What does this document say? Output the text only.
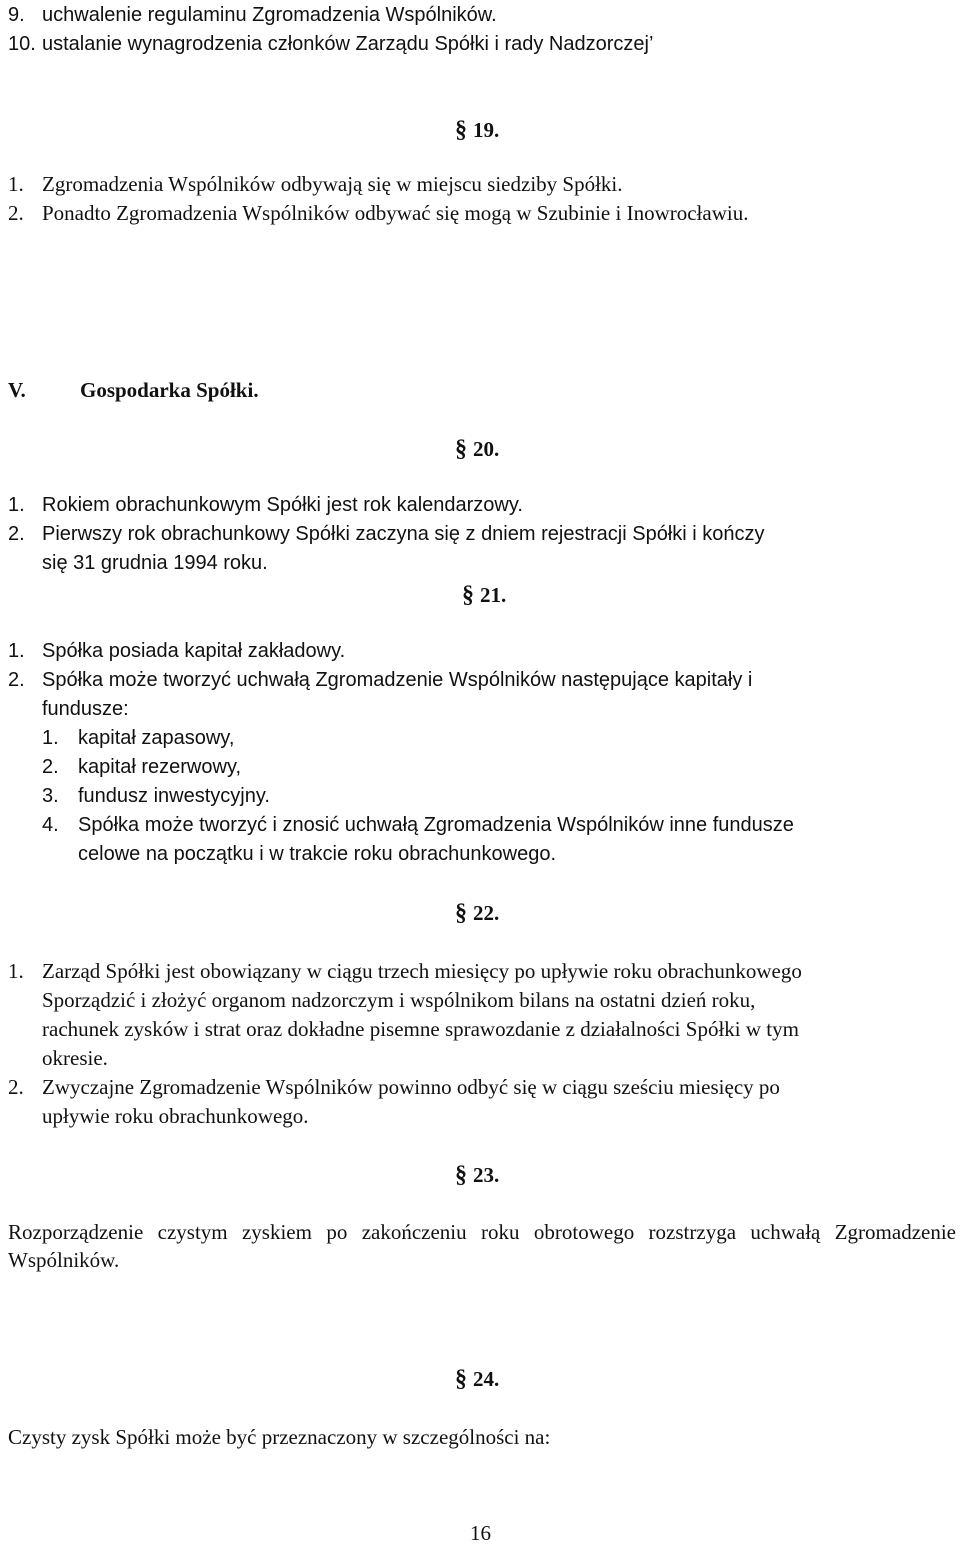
9. uchwalenie regulaminu Zgromadzenia Wspólników.
10. ustalanie wynagrodzenia członków Zarządu Spółki i rady Nadzorczej’
§ 19.
1. Zgromadzenia Wspólników odbywają się w miejscu siedziby Spółki.
2. Ponadto Zgromadzenia Wspólników odbywać się mogą w Szubinie i Inowrocławiu.
V.	Gospodarka Spółki.
§ 20.
1. Rokiem obrachunkowym Spółki jest rok kalendarzowy.
2. Pierwszy rok obrachunkowy Spółki zaczyna się z dniem rejestracji Spółki i kończy
się 31 grudnia 1994 roku.
§ 21.
1. Spółka posiada kapitał zakładowy.
2. Spółka może tworzyć uchwałą Zgromadzenie Wspólników następujące kapitały i
fundusze:
1. kapitał zapasowy,
2. kapitał rezerwowy,
3. fundusz inwestycyjny.
4. Spółka może tworzyć i znosić uchwałą Zgromadzenia Wspólników inne fundusze
celowe na początku i w trakcie roku obrachunkowego.
§ 22.
1. Zarząd Spółki jest obowiązany w ciągu trzech miesięcy po upływie roku obrachunkowego
Sporządzić i złożyć organom nadzorczym i wspólnikom bilans na ostatni dzień roku,
rachunek zysków i strat oraz dokładne pisemne sprawozdanie z działalności Spółki w tym
okresie.
2. Zwyczajne Zgromadzenie Wspólników powinno odbyć się w ciągu sześciu miesięcy po
upływie roku obrachunkowego.
§ 23.
Rozporządzenie czystym zyskiem po zakończeniu roku obrotowego rozstrzyga uchwałą Zgromadzenie Wspólników.
§ 24.
Czysty zysk Spółki może być przeznaczony w szczególności na:
16
